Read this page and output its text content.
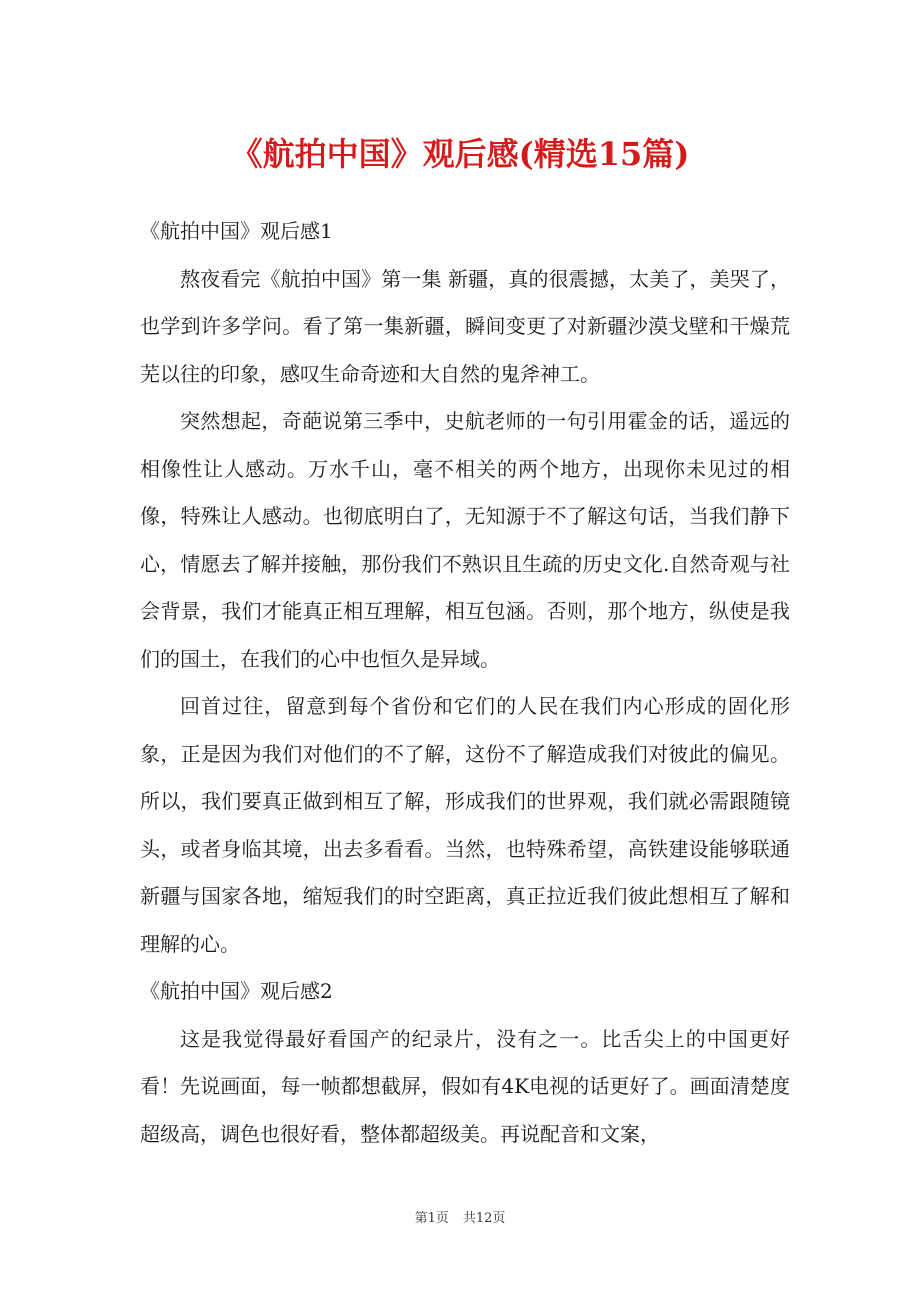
《航拍中国》观后感(精选15篇)

《航拍中国》观后感1

熬夜看完《航拍中国》第一集 新疆，真的很震撼，太美了，美哭了，也学到许多学问。看了第一集新疆，瞬间变更了对新疆沙漠戈壁和干燥荒芜以往的印象，感叹生命奇迹和大自然的鬼斧神工。

突然想起，奇葩说第三季中，史航老师的一句引用霍金的话，遥远的相像性让人感动。万水千山，毫不相关的两个地方，出现你未见过的相像，特殊让人感动。也彻底明白了，无知源于不了解这句话，当我们静下心，情愿去了解并接触，那份我们不熟识且生疏的历史文化.自然奇观与社会背景，我们才能真正相互理解，相互包涵。否则，那个地方，纵使是我们的国土，在我们的心中也恒久是异域。

回首过往，留意到每个省份和它们的人民在我们内心形成的固化形象，正是因为我们对他们的不了解，这份不了解造成我们对彼此的偏见。所以，我们要真正做到相互了解，形成我们的世界观，我们就必需跟随镜头，或者身临其境，出去多看看。当然，也特殊希望，高铁建设能够联通新疆与国家各地，缩短我们的时空距离，真正拉近我们彼此想相互了解和理解的心。

《航拍中国》观后感2

这是我觉得最好看国产的纪录片，没有之一。比舌尖上的中国更好看！先说画面，每一帧都想截屏，假如有4K电视的话更好了。画面清楚度超级高，调色也很好看，整体都超级美。再说配音和文案，

第1页 共12页
